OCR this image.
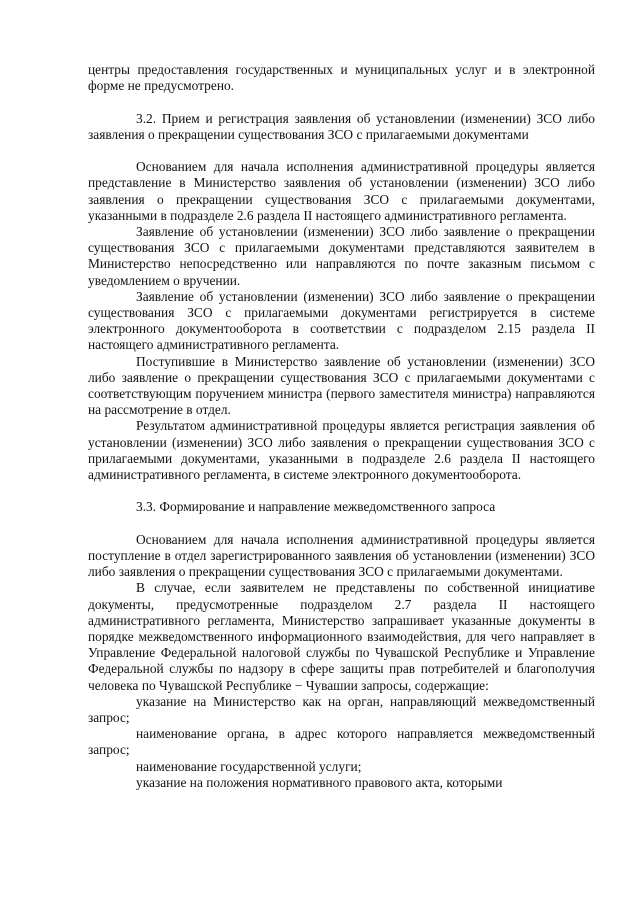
центры предоставления государственных и муниципальных услуг и в электронной форме не предусмотрено.

3.2. Прием и регистрация заявления об установлении (изменении) ЗСО либо заявления о прекращении существования ЗСО с прилагаемыми документами

Основанием для начала исполнения административной процедуры является представление в Министерство заявления об установлении (изменении) ЗСО либо заявления о прекращении существования ЗСО с прилагаемыми документами, указанными в подразделе 2.6 раздела II настоящего административного регламента.

Заявление об установлении (изменении) ЗСО либо заявление о прекращении существования ЗСО с прилагаемыми документами представляются заявителем в Министерство непосредственно или направляются по почте заказным письмом с уведомлением о вручении.

Заявление об установлении (изменении) ЗСО либо заявление о прекращении существования ЗСО с прилагаемыми документами регистрируется в системе электронного документооборота в соответствии с подразделом 2.15 раздела II настоящего административного регламента.

Поступившие в Министерство заявление об установлении (изменении) ЗСО либо заявление о прекращении существования ЗСО с прилагаемыми документами с соответствующим поручением министра (первого заместителя министра) направляются на рассмотрение в отдел.

Результатом административной процедуры является регистрация заявления об установлении (изменении) ЗСО либо заявления о прекращении существования ЗСО с прилагаемыми документами, указанными в подразделе 2.6 раздела II настоящего административного регламента, в системе электронного документооборота.

3.3. Формирование и направление межведомственного запроса

Основанием для начала исполнения административной процедуры является поступление в отдел зарегистрированного заявления об установлении (изменении) ЗСО либо заявления о прекращении существования ЗСО с прилагаемыми документами.

В случае, если заявителем не представлены по собственной инициативе документы, предусмотренные подразделом 2.7 раздела II настоящего административного регламента, Министерство запрашивает указанные документы в порядке межведомственного информационного взаимодействия, для чего направляет в Управление Федеральной налоговой службы по Чувашской Республике и Управление Федеральной службы по надзору в сфере защиты прав потребителей и благополучия человека по Чувашской Республике − Чувашии запросы, содержащие:

указание на Министерство как на орган, направляющий межведомственный запрос;

наименование органа, в адрес которого направляется межведомственный запрос;

наименование государственной услуги;

указание на положения нормативного правового акта, которыми
